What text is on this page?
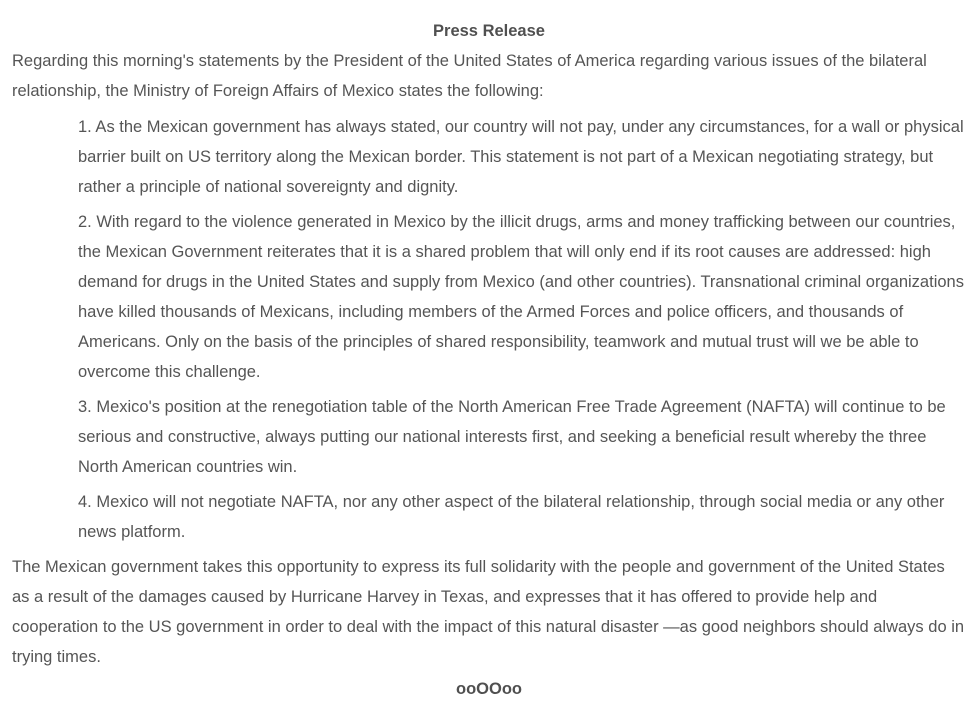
Press Release

Regarding this morning's statements by the President of the United States of America regarding various issues of the bilateral relationship, the Ministry of Foreign Affairs of Mexico states the following:

1. As the Mexican government has always stated, our country will not pay, under any circumstances, for a wall or physical barrier built on US territory along the Mexican border. This statement is not part of a Mexican negotiating strategy, but rather a principle of national sovereignty and dignity.
2. With regard to the violence generated in Mexico by the illicit drugs, arms and money trafficking between our countries, the Mexican Government reiterates that it is a shared problem that will only end if its root causes are addressed: high demand for drugs in the United States and supply from Mexico (and other countries). Transnational criminal organizations have killed thousands of Mexicans, including members of the Armed Forces and police officers, and thousands of Americans. Only on the basis of the principles of shared responsibility, teamwork and mutual trust will we be able to overcome this challenge.
3. Mexico's position at the renegotiation table of the North American Free Trade Agreement (NAFTA) will continue to be serious and constructive, always putting our national interests first, and seeking a beneficial result whereby the three North American countries win.
4. Mexico will not negotiate NAFTA, nor any other aspect of the bilateral relationship, through social media or any other news platform.

The Mexican government takes this opportunity to express its full solidarity with the people and government of the United States as a result of the damages caused by Hurricane Harvey in Texas, and expresses that it has offered to provide help and cooperation to the US government in order to deal with the impact of this natural disaster —as good neighbors should always do in trying times.

ooOOoo
